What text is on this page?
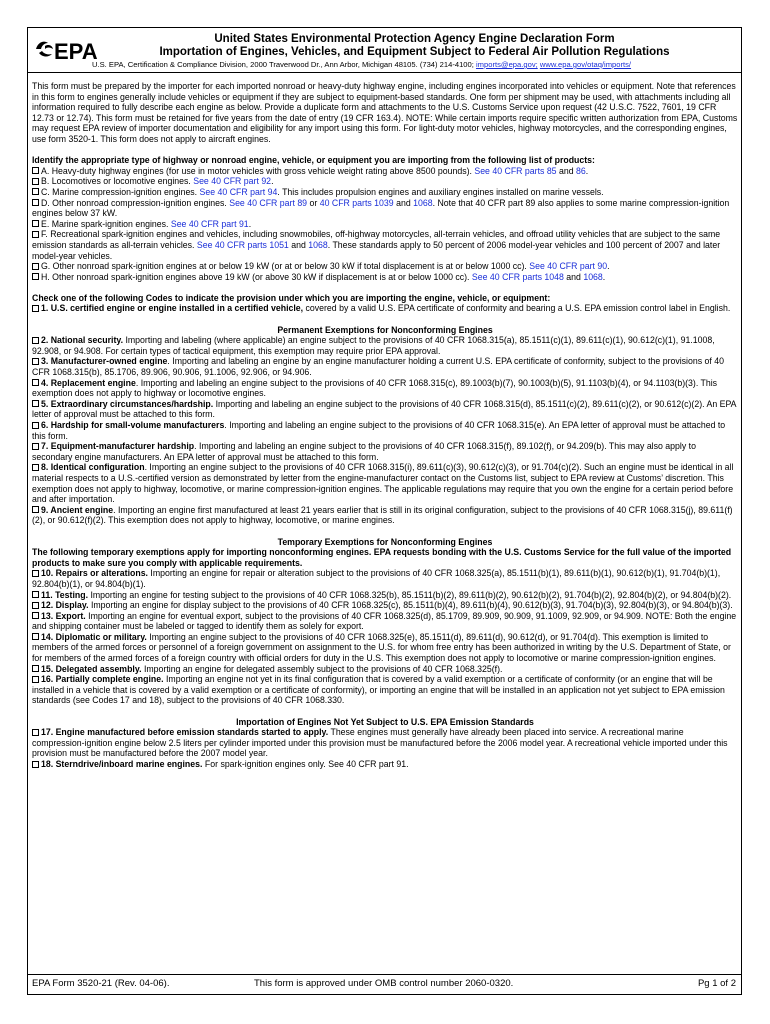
EPA	United States Environmental Protection Agency Engine Declaration Form
Importation of Engines, Vehicles, and Equipment Subject to Federal Air Pollution Regulations
U.S. EPA, Certification & Compliance Division, 2000 Traverwood Dr., Ann Arbor, Michigan 48105. (734) 214-4100; imports@epa.gov; www.epa.gov/otaq/imports/

This form must be prepared by the importer for each imported nonroad or heavy-duty highway engine, including engines incorporated into vehicles or equipment. Note that references in this form to engines generally include vehicles or equipment if they are subject to equipment-based standards. One form per shipment may be used, with attachments including all information required to fully describe each engine as below. Provide a duplicate form and attachments to the U.S. Customs Service upon request (42 U.S.C. 7522, 7601, 19 CFR 12.73 or 12.74). This form must be retained for five years from the date of entry (19 CFR 163.4). NOTE: While certain imports require specific written authorization from EPA, Customs may request EPA review of importer documentation and eligibility for any import using this form. For light-duty motor vehicles, highway motorcycles, and the corresponding engines, use form 3520-1. This form does not apply to aircraft engines.

Identify the appropriate type of highway or nonroad engine, vehicle, or equipment you are importing from the following list of products:

A. Heavy-duty highway engines (for use in motor vehicles with gross vehicle weight rating above 8500 pounds). See 40 CFR parts 85 and 86.

B. Locomotives or locomotive engines. See 40 CFR part 92.

C. Marine compression-ignition engines. See 40 CFR part 94. This includes propulsion engines and auxiliary engines installed on marine vessels.

D. Other nonroad compression-ignition engines. See 40 CFR part 89 or 40 CFR parts 1039 and 1068. Note that 40 CFR part 89 also applies to some marine compression-ignition engines below 37 kW.

E. Marine spark-ignition engines. See 40 CFR part 91.

F. Recreational spark-ignition engines and vehicles, including snowmobiles, off-highway motorcycles, all-terrain vehicles, and offroad utility vehicles that are subject to the same emission standards as all-terrain vehicles. See 40 CFR parts 1051 and 1068. These standards apply to 50 percent of 2006 model-year vehicles and 100 percent of 2007 and later model-year vehicles.

G. Other nonroad spark-ignition engines at or below 19 kW (or at or below 30 kW if total displacement is at or below 1000 cc). See 40 CFR part 90.

H. Other nonroad spark-ignition engines above 19 kW (or above 30 kW if displacement is at or below 1000 cc). See 40 CFR parts 1048 and 1068.

Check one of the following Codes to indicate the provision under which you are importing the engine, vehicle, or equipment:

1. U.S. certified engine or engine installed in a certified vehicle, covered by a valid U.S. EPA certificate of conformity and bearing a U.S. EPA emission control label in English.

Permanent Exemptions for Nonconforming Engines

2. National security. Importing and labeling (where applicable) an engine subject to the provisions of 40 CFR 1068.315(a), 85.1511(c)(1), 89.611(c)(1), 90.612(c)(1), 91.1008, 92.908, or 94.908. For certain types of tactical equipment, this exemption may require prior EPA approval.

3. Manufacturer-owned engine. Importing and labeling an engine by an engine manufacturer holding a current U.S. EPA certificate of conformity, subject to the provisions of 40 CFR 1068.315(b), 85.1706, 89.906, 90.906, 91.1006, 92.906, or 94.906.

4. Replacement engine. Importing and labeling an engine subject to the provisions of 40 CFR 1068.315(c), 89.1003(b)(7), 90.1003(b)(5), 91.1103(b)(4), or 94.1103(b)(3). This exemption does not apply to highway or locomotive engines.

5. Extraordinary circumstances/hardship. Importing and labeling an engine subject to the provisions of 40 CFR 1068.315(d), 85.1511(c)(2), 89.611(c)(2), or 90.612(c)(2). An EPA letter of approval must be attached to this form.

6. Hardship for small-volume manufacturers. Importing and labeling an engine subject to the provisions of 40 CFR 1068.315(e). An EPA letter of approval must be attached to this form.

7. Equipment-manufacturer hardship. Importing and labeling an engine subject to the provisions of 40 CFR 1068.315(f), 89.102(f), or 94.209(b). This may also apply to secondary engine manufacturers. An EPA letter of approval must be attached to this form.

8. Identical configuration. Importing an engine subject to the provisions of 40 CFR 1068.315(i), 89.611(c)(3), 90.612(c)(3), or 91.704(c)(2). Such an engine must be identical in all material respects to a U.S.-certified version as demonstrated by letter from the engine-manufacturer contact on the Customs list, subject to EPA review at Customs’ discretion. This exemption does not apply to highway, locomotive, or marine compression-ignition engines. The applicable regulations may require that you own the engine for a certain period before and after importation.

9. Ancient engine. Importing an engine first manufactured at least 21 years earlier that is still in its original configuration, subject to the provisions of 40 CFR 1068.315(j), 89.611(f)(2), or 90.612(f)(2). This exemption does not apply to highway, locomotive, or marine engines.

Temporary Exemptions for Nonconforming Engines

The following temporary exemptions apply for importing nonconforming engines. EPA requests bonding with the U.S. Customs Service for the full value of the imported products to make sure you comply with applicable requirements.

10. Repairs or alterations. Importing an engine for repair or alteration subject to the provisions of 40 CFR 1068.325(a), 85.1511(b)(1), 89.611(b)(1), 90.612(b)(1), 91.704(b)(1), 92.804(b)(1), or 94.804(b)(1).

11. Testing. Importing an engine for testing subject to the provisions of 40 CFR 1068.325(b), 85.1511(b)(2), 89.611(b)(2), 90.612(b)(2), 91.704(b)(2), 92.804(b)(2), or 94.804(b)(2).

12. Display. Importing an engine for display subject to the provisions of 40 CFR 1068.325(c), 85.1511(b)(4), 89.611(b)(4), 90.612(b)(3), 91.704(b)(3), 92.804(b)(3), or 94.804(b)(3).

13. Export. Importing an engine for eventual export, subject to the provisions of 40 CFR 1068.325(d), 85.1709, 89.909, 90.909, 91.1009, 92.909, or 94.909. NOTE: Both the engine and shipping container must be labeled or tagged to identify them as solely for export.

14. Diplomatic or military. Importing an engine subject to the provisions of 40 CFR 1068.325(e), 85.1511(d), 89.611(d), 90.612(d), or 91.704(d). This exemption is limited to members of the armed forces or personnel of a foreign government on assignment to the U.S. for whom free entry has been authorized in writing by the U.S. Department of State, or for members of the armed forces of a foreign country with official orders for duty in the U.S. This exemption does not apply to locomotive or marine compression-ignition engines.

15. Delegated assembly. Importing an engine for delegated assembly subject to the provisions of 40 CFR 1068.325(f).

16. Partially complete engine. Importing an engine not yet in its final configuration that is covered by a valid exemption or a certificate of conformity (or an engine that will be installed in a vehicle that is covered by a valid exemption or a certificate of conformity), or importing an engine that will be installed in an application not yet subject to EPA emission standards (see Codes 17 and 18), subject to the provisions of 40 CFR 1068.330.

Importation of Engines Not Yet Subject to U.S. EPA Emission Standards

17. Engine manufactured before emission standards started to apply. These engines must generally have already been placed into service. A recreational marine compression-ignition engine below 2.5 liters per cylinder imported under this provision must be manufactured before the 2006 model year. A recreational vehicle imported under this provision must be manufactured before the 2007 model year.

18. Sterndrive/inboard marine engines. For spark-ignition engines only. See 40 CFR part 91.

EPA Form 3520-21 (Rev. 04-06).	This form is approved under OMB control number 2060-0320.	Pg 1 of 2
